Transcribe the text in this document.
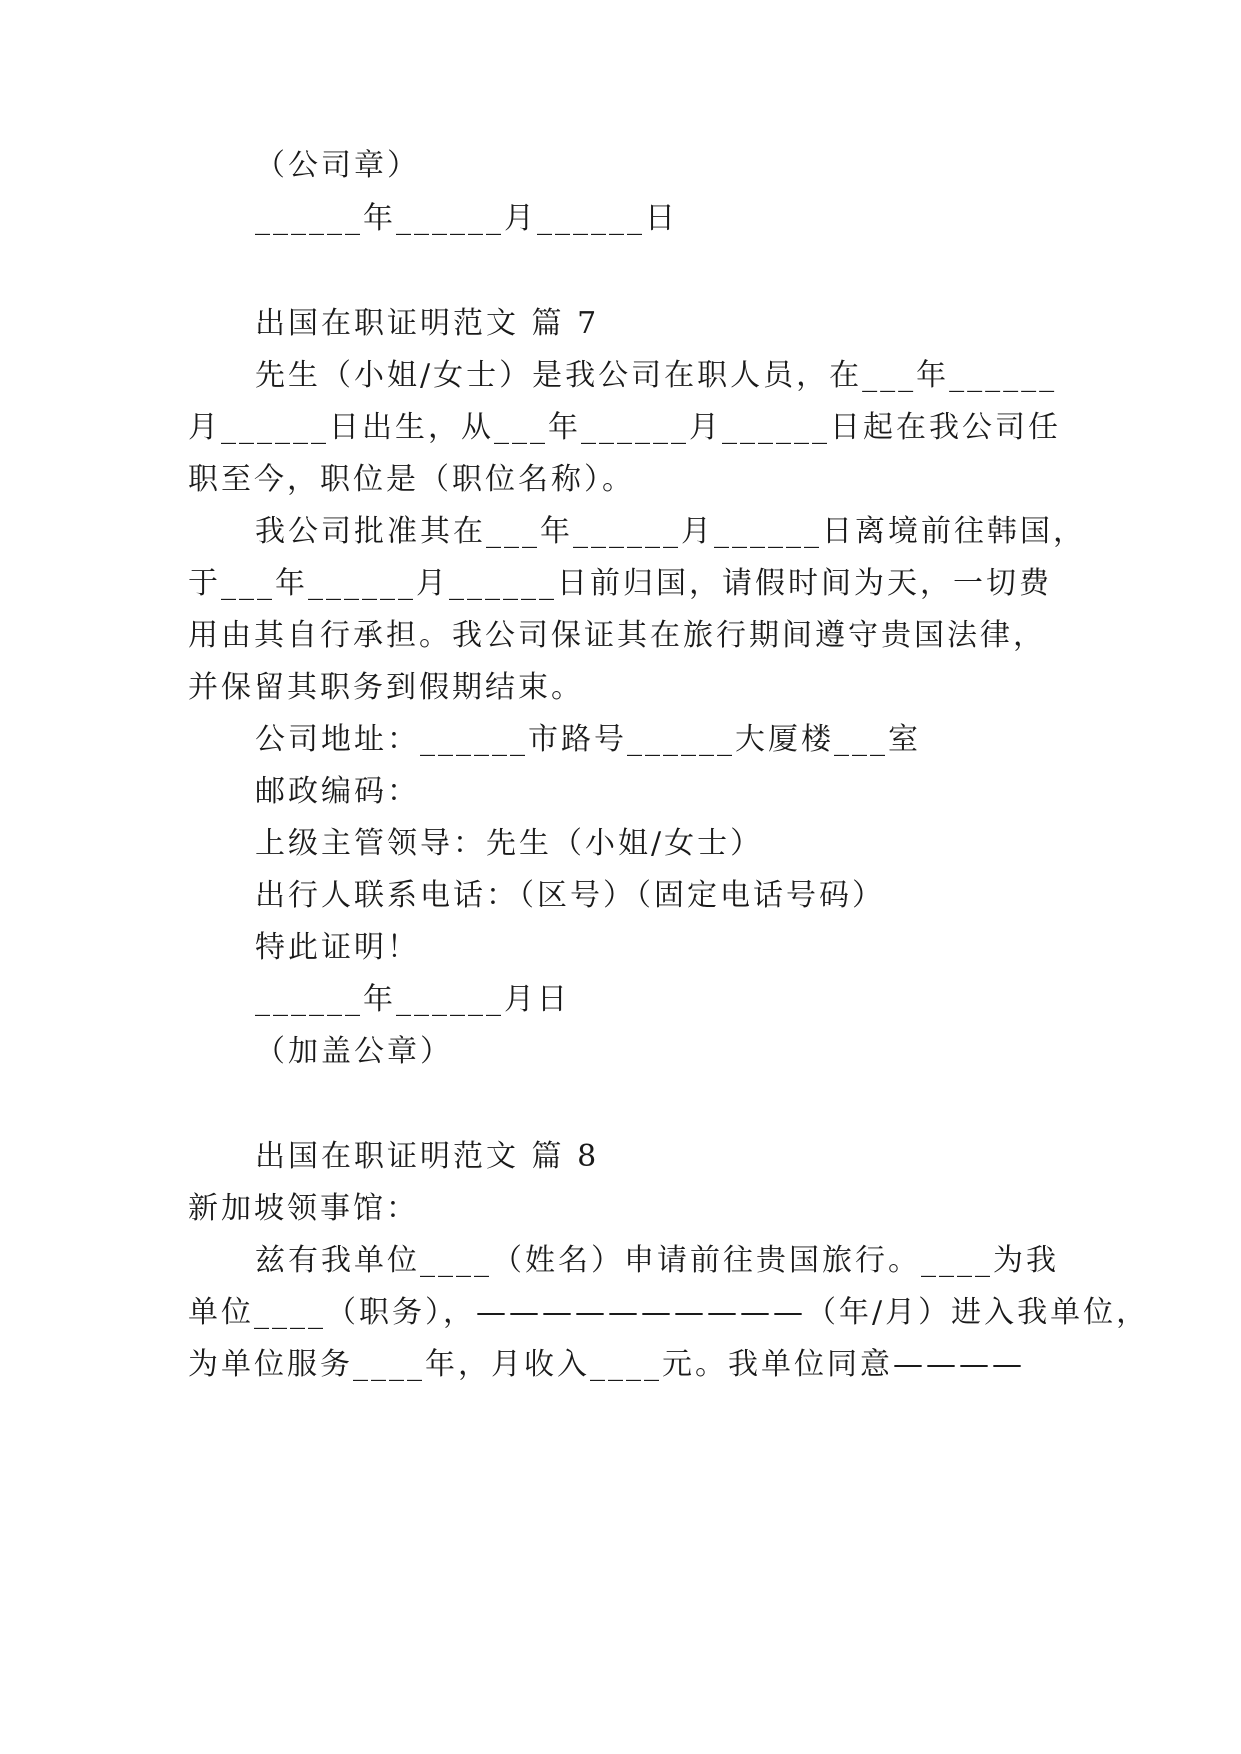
（公司章）
______年______月______日
出国在职证明范文 篇 7
先生（小姐/女士）是我公司在职人员，在___年______
月______日出生，从___年______月______日起在我公司任
职至今，职位是（职位名称）。
我公司批准其在___年______月______日离境前往韩国，
于___年______月______日前归国，请假时间为天，一切费
用由其自行承担。我公司保证其在旅行期间遵守贵国法律，
并保留其职务到假期结束。
公司地址：______市路号______大厦楼___室
邮政编码：
上级主管领导：先生（小姐/女士）
出行人联系电话：（区号）（固定电话号码）
特此证明！
______年______月日
（加盖公章）
出国在职证明范文 篇 8
新加坡领事馆：
兹有我单位____（姓名）申请前往贵国旅行。____为我
单位____（职务），——————————（年/月）进入我单位，
为单位服务____年，月收入____元。我单位同意————
